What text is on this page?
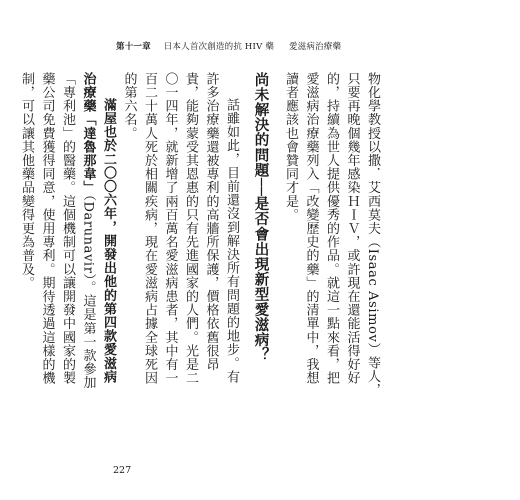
第十一章 日本人首次創造的抗 HIV 藥 愛滋病治療藥

物化學教授以撒．艾西莫夫（Isaac Asimov）等人，只要再晚個幾年感染ＨＩＶ，或許現在還能活得好好的，持續為世人提供優秀的作品。就這一點來看，把愛滋病治療藥列入「改變歷史的藥」的清單中，我想讀者應該也會贊同才是。

尚未解決的問題──是否會出現新型愛滋病？

話雖如此，目前還沒到解決所有問題的地步。有許多治療藥還被專利的高牆所保護，價格依舊很昂貴，能夠蒙受其恩惠的只有先進國家的人們。光是二〇一四年，就新增了兩百萬名愛滋病患者，其中有一百二十萬人死於相關疾病，現在愛滋病占據全球死因的第六名。

滿屋也於二〇〇六年，開發出他的第四款愛滋病治療藥「達魯那韋」（Darunavir）。這是第一款參加「專利池」的醫藥。這個機制可以讓開發中國家的製藥公司免費獲得同意，使用專利。期待透過這樣的機制，可以讓其他藥品變得更為普及。

227
